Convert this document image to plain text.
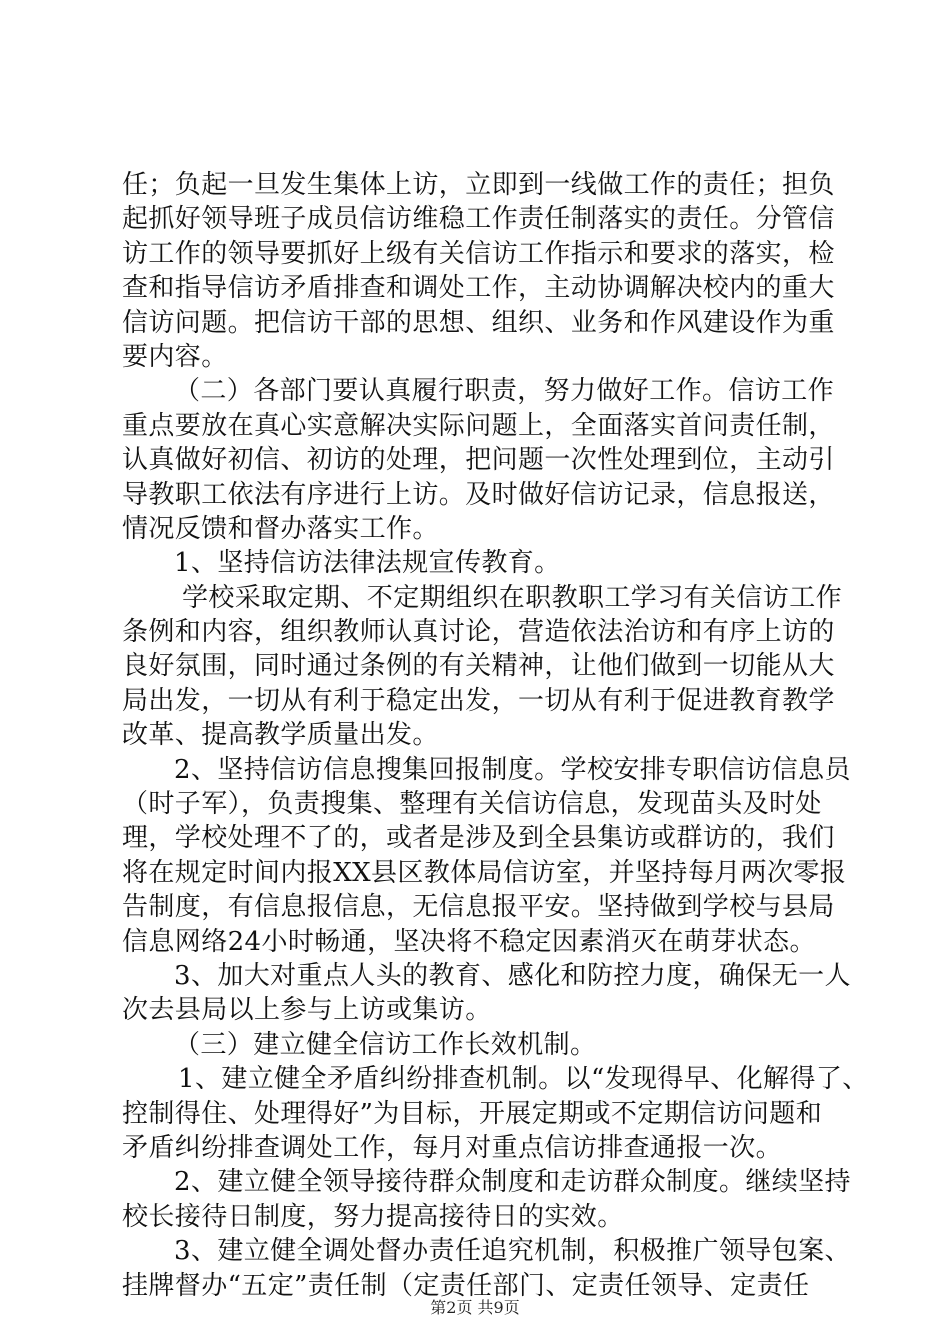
任；负起一旦发生集体上访，立即到一线做工作的责任；担负
起抓好领导班子成员信访维稳工作责任制落实的责任。分管信
访工作的领导要抓好上级有关信访工作指示和要求的落实，检
查和指导信访矛盾排查和调处工作，主动协调解决校内的重大
信访问题。把信访干部的思想、组织、业务和作风建设作为重
要内容。
（二）各部门要认真履行职责，努力做好工作。信访工作
重点要放在真心实意解决实际问题上，全面落实首问责任制，
认真做好初信、初访的处理，把问题一次性处理到位，主动引
导教职工依法有序进行上访。及时做好信访记录，信息报送，
情况反馈和督办落实工作。
1、坚持信访法律法规宣传教育。
学校采取定期、不定期组织在职教职工学习有关信访工作
条例和内容，组织教师认真讨论，营造依法治访和有序上访的
良好氛围，同时通过条例的有关精神，让他们做到一切能从大
局出发，一切从有利于稳定出发，一切从有利于促进教育教学
改革、提高教学质量出发。
2、坚持信访信息搜集回报制度。学校安排专职信访信息员
（时子军），负责搜集、整理有关信访信息，发现苗头及时处
理，学校处理不了的，或者是涉及到全县集访或群访的，我们
将在规定时间内报XX县区教体局信访室，并坚持每月两次零报
告制度，有信息报信息，无信息报平安。坚持做到学校与县局
信息网络24小时畅通，坚决将不稳定因素消灭在萌芽状态。
3、加大对重点人头的教育、感化和防控力度，确保无一人
次去县局以上参与上访或集访。
（三）建立健全信访工作长效机制。
1、建立健全矛盾纠纷排查机制。以“发现得早、化解得了、
控制得住、处理得好”为目标，开展定期或不定期信访问题和
矛盾纠纷排查调处工作，每月对重点信访排查通报一次。
2、建立健全领导接待群众制度和走访群众制度。继续坚持
校长接待日制度，努力提高接待日的实效。
3、建立健全调处督办责任追究机制，积极推广领导包案、
挂牌督办“五定”责任制（定责任部门、定责任领导、定责任
第2页 共9页
